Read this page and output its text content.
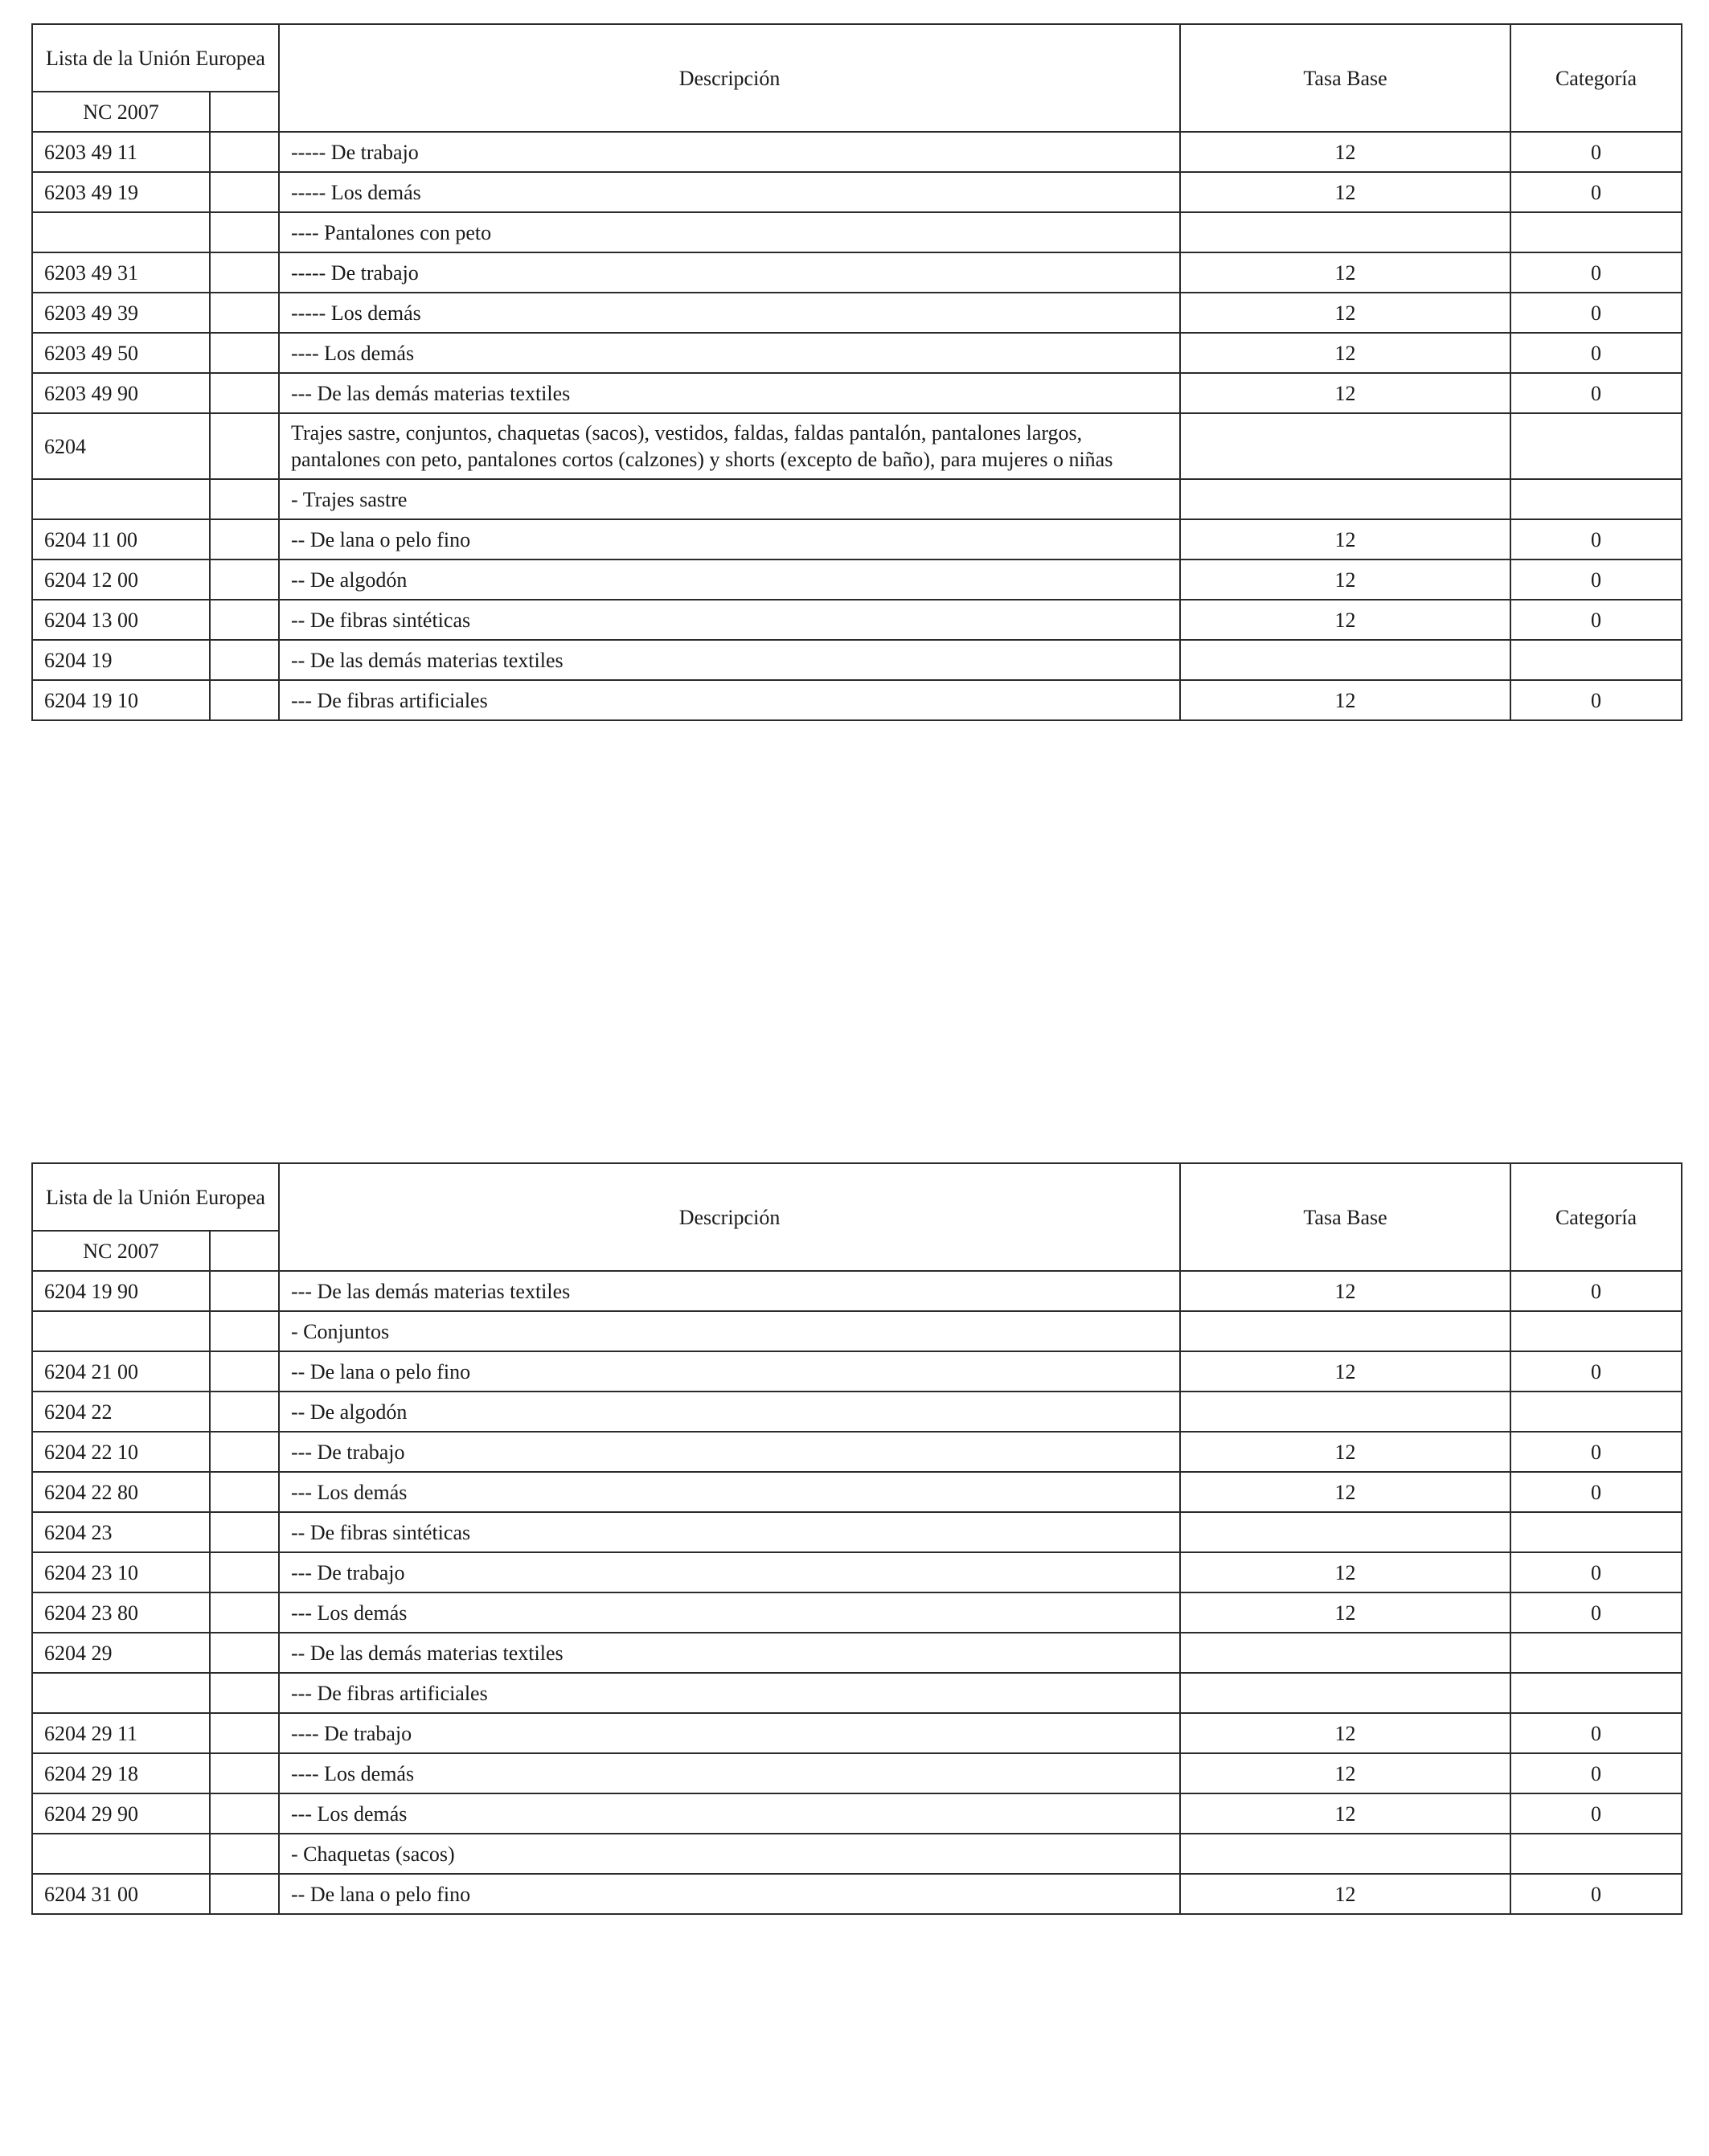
Lista de la Unión Europea		Descripción	Tasa Base	Categoría
NC 2007				
6203 49 11		----- De trabajo	12	0
6203 49 19		----- Los demás	12	0
		---- Pantalones con peto		
6203 49 31		----- De trabajo	12	0
6203 49 39		----- Los demás	12	0
6203 49 50		---- Los demás	12	0
6203 49 90		--- De las demás materias textiles	12	0
6204		Trajes sastre, conjuntos, chaquetas (sacos), vestidos, faldas, faldas pantalón, pantalones largos, pantalones con peto, pantalones cortos (calzones) y shorts (excepto de baño), para mujeres o niñas		
		- Trajes sastre		
6204 11 00		-- De lana o pelo fino	12	0
6204 12 00		-- De algodón	12	0
6204 13 00		-- De fibras sintéticas	12	0
6204 19		-- De las demás materias textiles		
6204 19 10		--- De fibras artificiales	12	0
Lista de la Unión Europea		Descripción	Tasa Base	Categoría
NC 2007				
6204 19 90		--- De las demás materias textiles	12	0
		- Conjuntos		
6204 21 00		-- De lana o pelo fino	12	0
6204 22		-- De algodón		
6204 22 10		--- De trabajo	12	0
6204 22 80		--- Los demás	12	0
6204 23		-- De fibras sintéticas		
6204 23 10		--- De trabajo	12	0
6204 23 80		--- Los demás	12	0
6204 29		-- De las demás materias textiles		
		--- De fibras artificiales		
6204 29 11		---- De trabajo	12	0
6204 29 18		---- Los demás	12	0
6204 29 90		--- Los demás	12	0
		- Chaquetas (sacos)		
6204 31 00		-- De lana o pelo fino	12	0
